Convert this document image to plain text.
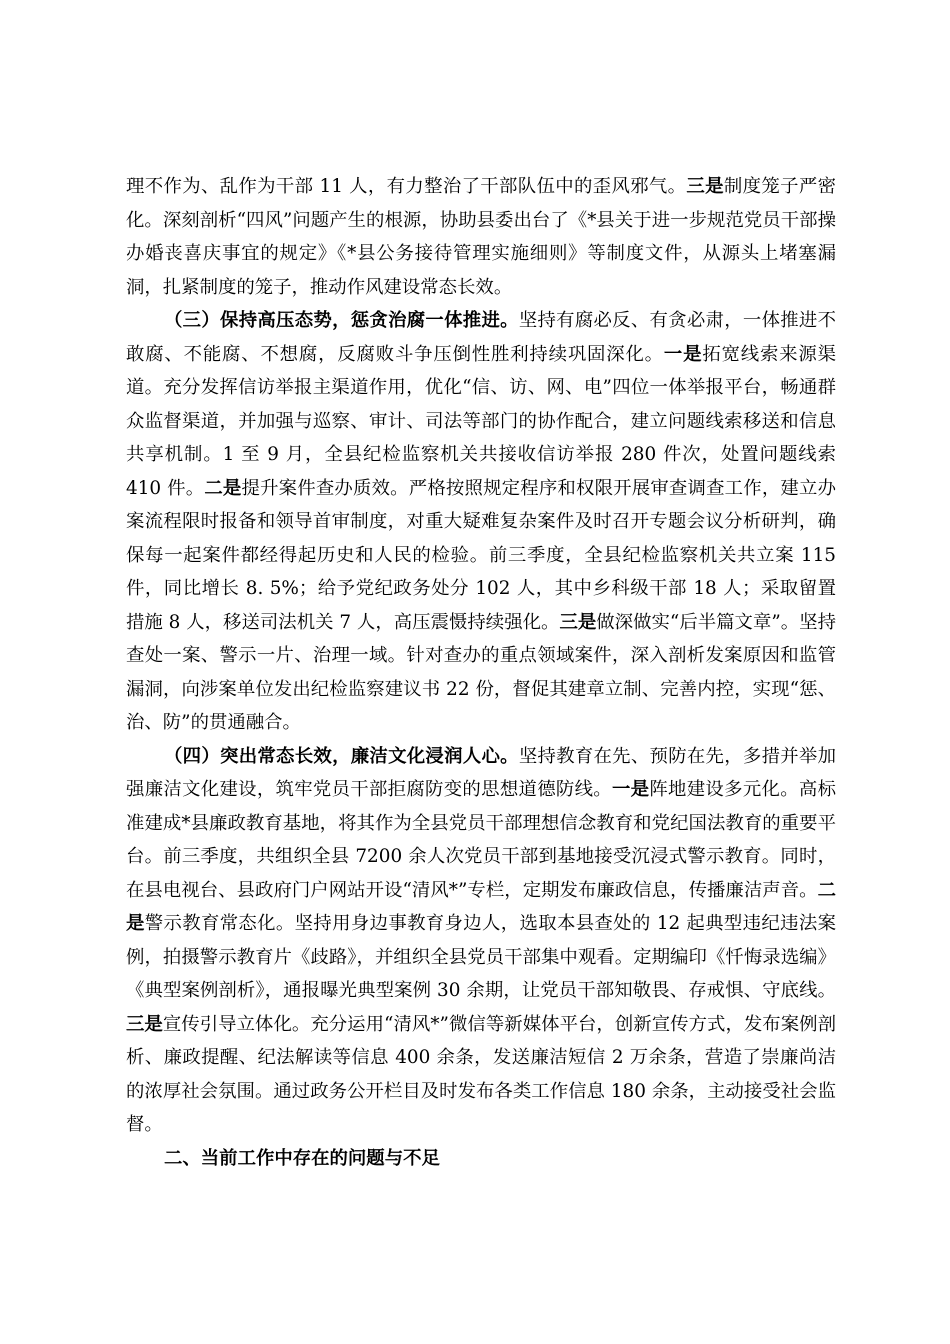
理不作为、乱作为干部 11 人，有力整治了干部队伍中的歪风邪气。三是制度笼子严密化。深刻剖析“四风”问题产生的根源，协助县委出台了《*县关于进一步规范党员干部操办婚丧喜庆事宜的规定》《*县公务接待管理实施细则》等制度文件，从源头上堵塞漏洞，扎紧制度的笼子，推动作风建设常态长效。

（三）保持高压态势，惩贪治腐一体推进。坚持有腐必反、有贪必肃，一体推进不敢腐、不能腐、不想腐，反腐败斗争压倒性胜利持续巩固深化。一是拓宽线索来源渠道。充分发挥信访举报主渠道作用，优化“信、访、网、电”四位一体举报平台，畅通群众监督渠道，并加强与巡察、审计、司法等部门的协作配合，建立问题线索移送和信息共享机制。1 至 9 月，全县纪检监察机关共接收信访举报 280 件次，处置问题线索 410 件。二是提升案件查办质效。严格按照规定程序和权限开展审查调查工作，建立办案流程限时报备和领导首审制度，对重大疑难复杂案件及时召开专题会议分析研判，确保每一起案件都经得起历史和人民的检验。前三季度，全县纪检监察机关共立案 115 件，同比增长 8. 5%；给予党纪政务处分 102 人，其中乡科级干部 18 人；采取留置措施 8 人，移送司法机关 7 人，高压震慑持续强化。三是做深做实“后半篇文章”。坚持查处一案、警示一片、治理一域。针对查办的重点领域案件，深入剖析发案原因和监管漏洞，向涉案单位发出纪检监察建议书 22 份，督促其建章立制、完善内控，实现“惩、治、防”的贯通融合。

（四）突出常态长效，廉洁文化浸润人心。坚持教育在先、预防在先，多措并举加强廉洁文化建设，筑牢党员干部拒腐防变的思想道德防线。一是阵地建设多元化。高标准建成*县廉政教育基地，将其作为全县党员干部理想信念教育和党纪国法教育的重要平台。前三季度，共组织全县 7200 余人次党员干部到基地接受沉浸式警示教育。同时，在县电视台、县政府门户网站开设“清风*”专栏，定期发布廉政信息，传播廉洁声音。二是警示教育常态化。坚持用身边事教育身边人，选取本县查处的 12 起典型违纪违法案例，拍摄警示教育片《歧路》，并组织全县党员干部集中观看。定期编印《忏悔录选编》《典型案例剖析》，通报曝光典型案例 30 余期，让党员干部知敬畏、存戒惧、守底线。三是宣传引导立体化。充分运用“清风*”微信等新媒体平台，创新宣传方式，发布案例剖析、廉政提醒、纪法解读等信息 400 余条，发送廉洁短信 2 万余条，营造了崇廉尚洁的浓厚社会氛围。通过政务公开栏目及时发布各类工作信息 180 余条，主动接受社会监督。

二、当前工作中存在的问题与不足
